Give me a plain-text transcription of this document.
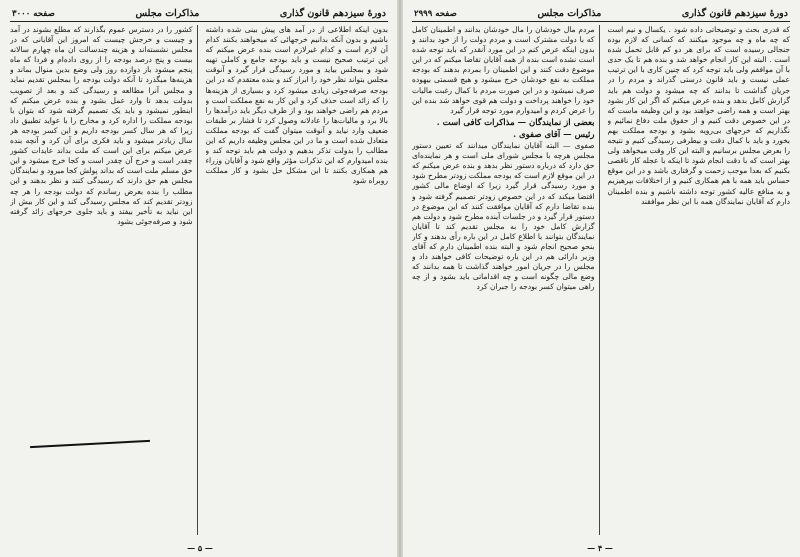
دورهٔ سیزدهم قانون گذاری
مذاکرات مجلس
صفحه ۳۰۰۰

بدون اینکه اطلاعی از در آمد های پیش بینی شده داشته باشیم و بدون آنکه بدانیم خرجهائی که میخواهند بکنند کدام آن لازم است و کدام غیرلازم است بنده عرض میکنم که این ترتیب صحیح نیست و باید بودجه جامع و کاملی تهیه شود و بمجلس بیاید و مورد رسیدگی قرار گیرد و آنوقت مجلس بتواند نظر خود را ابراز کند و بنده معتقدم که در این بودجه صرفه‌جوئی زیادی میشود کرد و بسیاری از هزینه‌ها را که زائد است حذف کرد و این کار به نفع مملکت است و مردم هم راضی خواهند بود و از طرف دیگر باید درآمدها را بالا برد و مالیات‌ها را عادلانه وصول کرد تا فشار بر طبقات ضعیف وارد نیاید و آنوقت میتوان گفت که بودجه مملکت متعادل شده است و ما در این مجلس وظیفه داریم که این مطالب را بدولت تذکر بدهیم و دولت هم باید توجه کند و بنده امیدوارم که این تذکرات مؤثر واقع شود و آقایان وزراء هم همکاری بکنند تا این مشکل حل بشود و کار مملکت روبراه شود

کشور را در دسترس عموم بگذارند که مطلع بشوند در آمد و چیست و خرجش چیست که امروز این آقایانی که در مجلس نشسته‌اند و هزینه چندسالت ان ماه چهارم سالانه بیست و پنج درصد بودجه را از روی داده‌ام و فردا که ماه پنجم میشود باز دوازده روز ولی وضع بدین منوال بماند و هزینه‌ها میگذرد تا آنکه دولت بودجه را بمجلس تقدیم نماید و مجلس آنرا مطالعه و رسیدگی کند و بعد از تصویب بدولت بدهد تا وارد عمل بشود و بنده عرض میکنم که اینطور نمیشود و باید یک تصمیم گرفته شود که بتوان با بودجه مملکت را اداره کرد و مخارج را با عواید تطبیق داد زیرا که هر سال کسر بودجه داریم و این کسر بودجه هر سال زیادتر میشود و باید فکری برای آن کرد و آنچه بنده عرض میکنم برای این است که ملت بداند عایدات کشور چقدر است و خرج آن چقدر است و کجا خرج میشود و این حق مسلم ملت است که بداند پولش کجا میرود و نمایندگان مجلس هم حق دارند که رسیدگی کنند و نظر بدهند و این مطلب را بنده بعرض رساندم که دولت بودجه را هر چه زودتر تقدیم کند که مجلس رسیدگی کند و این کار بیش از این نباید به تأخیر بیفتد و باید جلوی خرجهای زائد گرفته شود و صرفه‌جوئی بشود

— ۵ —
دورهٔ سیزدهم قانون گذاری
مذاکرات مجلس
صفحه ۲۹۹۹

که قدری بحث و توضیحاتی داده شود . یکسال و نیم است که چه ماه و چه موجود میکنند که کسانی که لازم بوده جنجالی رسیده است که برای هر دو کم قابل تحمل شده است . البته این کار انجام خواهد شد و بنده هم تا یک حدی با آن موافقم ولی باید توجه کرد که چنین کاری با این ترتیب عملی نیست و باید قانون درستی گذراند و مردم را در جریان گذاشت تا بدانند که چه میشود و دولت هم باید گزارش کامل بدهد و بنده عرض میکنم که اگر این کار بشود بهتر است و همه راضی خواهند بود و این وظیفه ماست که در این خصوص دقت کنیم و از حقوق ملت دفاع نمائیم و نگذاریم که خرجهای بی‌رویه بشود و بودجه مملکت بهم بخورد و باید با کمال دقت و بیطرفی رسیدگی کنیم و نتیجه را بعرض مجلس برسانیم و البته این کار وقت میخواهد ولی بهتر است که با دقت انجام شود تا اینکه با عجله کار ناقصی بکنیم که بعدا موجب زحمت و گرفتاری باشد و در این موقع حساس باید همه با هم همکاری کنیم و از اختلافات بپرهیزیم و به منافع عالیه کشور توجه داشته باشیم و بنده اطمینان دارم که آقایان نمایندگان همه با این نظر موافقند

مردم مال خودشان را مال خودشان بدانند و اطمینان کامل که با دولت مشترک است و مردم دولت را از خود بدانند و بدون اینکه عرض کنم در این مورد آنقدر که باید توجه شده است نشده است بنده از همه آقایان تقاضا میکنم که در این موضوع دقت کنند و این اطمینان را بمردم بدهند که بودجه مملکت به نفع خودشان خرج میشود و هیچ قسمتی بیهوده صرف نمیشود و در این صورت مردم با کمال رغبت مالیات خود را خواهند پرداخت و دولت هم قوی خواهد شد بنده این را عرض کردم و امیدوارم مورد توجه قرار گیرد

بعضی از نمایندگان — مذاکرات کافی است .
رئیس — آقای صفوی .

صفوی — البته آقایان نمایندگان میدانند که تعیین دستور مجلس هرچه با مجلس شورای ملی است و هر نماینده‌ای حق دارد که درباره دستور نظر بدهد و بنده عرض میکنم که در این موقع لازم است که بودجه مملکت زودتر مطرح شود و مورد رسیدگی قرار گیرد زیرا که اوضاع مالی کشور اقتضا میکند که در این خصوص زودتر تصمیم گرفته شود و بنده تقاضا دارم که آقایان موافقت کنند که این موضوع در دستور قرار گیرد و در جلسات آینده مطرح شود و دولت هم گزارش کامل خود را به مجلس تقدیم کند تا آقایان نمایندگان بتوانند با اطلاع کامل در این باره رأی بدهند و کار بنحو صحیح انجام شود و البته بنده اطمینان دارم که آقای وزیر دارائی هم در این باره توضیحات کافی خواهند داد و مجلس را در جریان امور خواهند گذاشت تا همه بدانند که وضع مالی چگونه است و چه اقداماتی باید بشود و از چه راهی میتوان کسر بودجه را جبران کرد

— ۴ —
